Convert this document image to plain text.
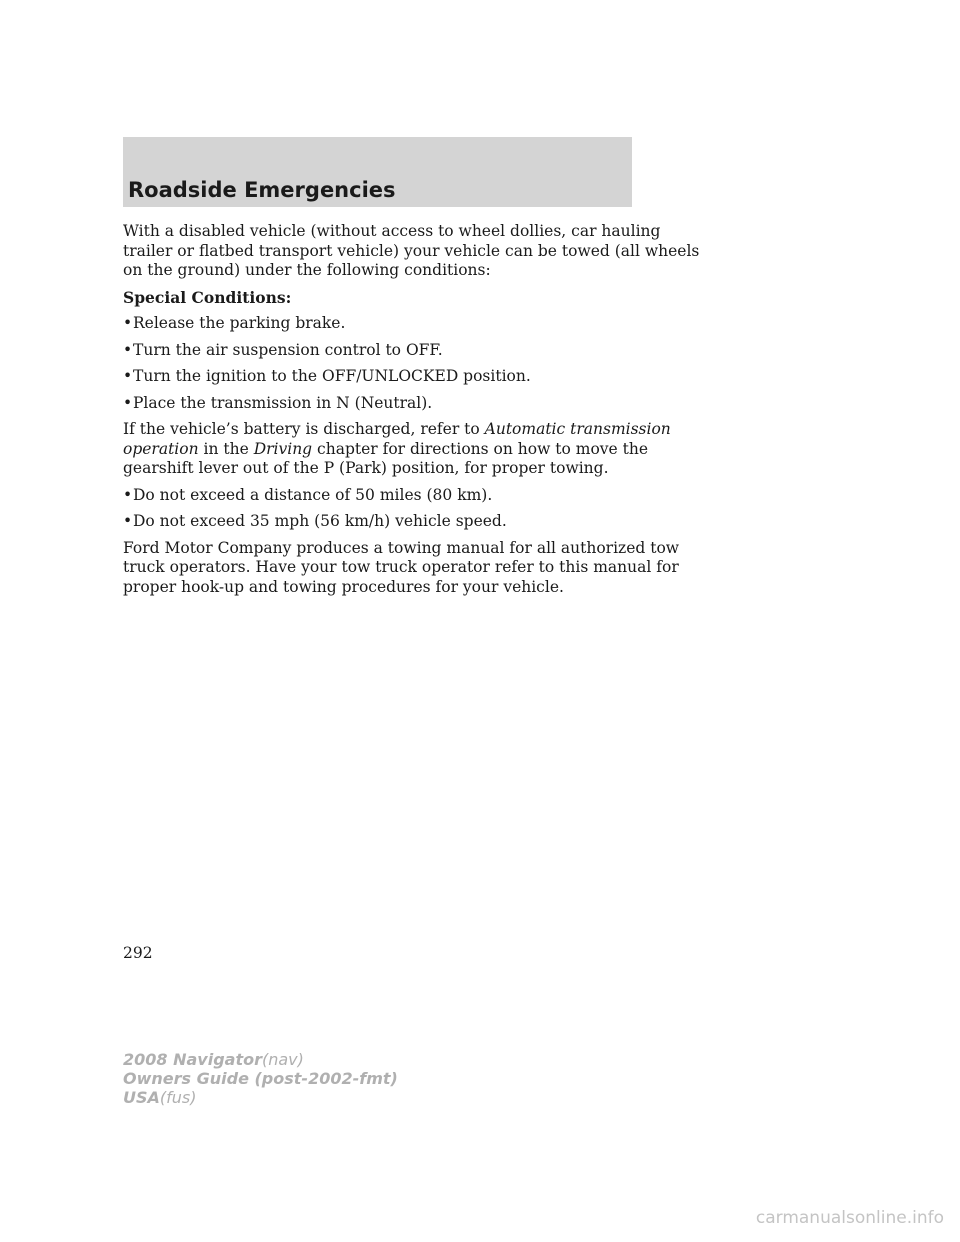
Roadside Emergencies

With a disabled vehicle (without access to wheel dollies, car hauling
trailer or flatbed transport vehicle) your vehicle can be towed (all wheels
on the ground) under the following conditions:

Special Conditions:

•Release the parking brake.
•Turn the air suspension control to OFF.
•Turn the ignition to the OFF/UNLOCKED position.
•Place the transmission in N (Neutral).

If the vehicle’s battery is discharged, refer to Automatic transmission
operation in the Driving chapter for directions on how to move the
gearshift lever out of the P (Park) position, for proper towing.

•Do not exceed a distance of 50 miles (80 km).
•Do not exceed 35 mph (56 km/h) vehicle speed.

Ford Motor Company produces a towing manual for all authorized tow
truck operators. Have your tow truck operator refer to this manual for
proper hook-up and towing procedures for your vehicle.

292
2008 Navigator(nav)
Owners Guide (post-2002-fmt)
USA(fus)
carmanualsonline.info
